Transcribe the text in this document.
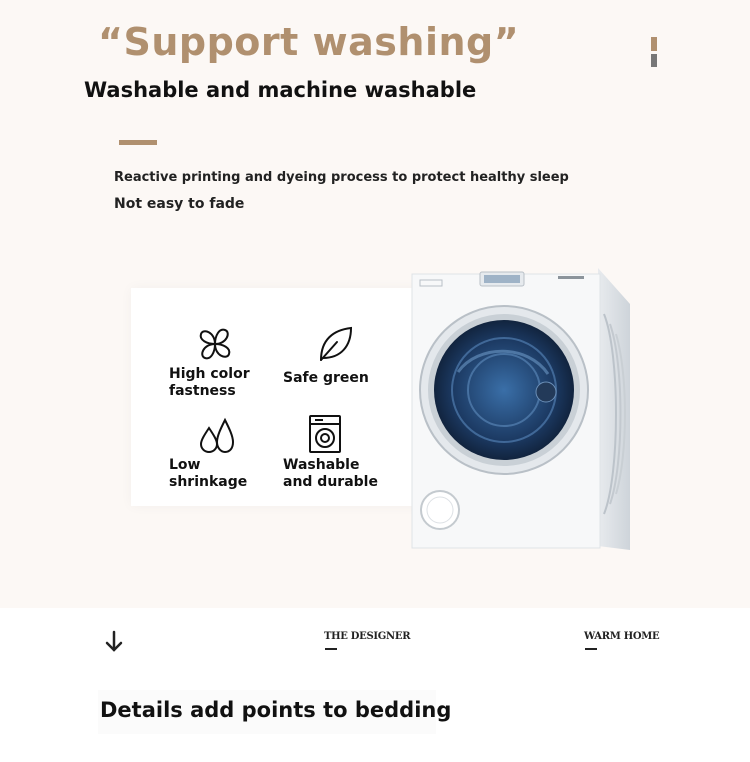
“Support washing”
Washable and machine washable
Reactive printing and dyeing process to protect healthy sleep
Not easy to fade
High color fastness
Safe green
Low shrinkage
Washable and durable
THE DESIGNER	WARM HOME
Details add points to bedding
